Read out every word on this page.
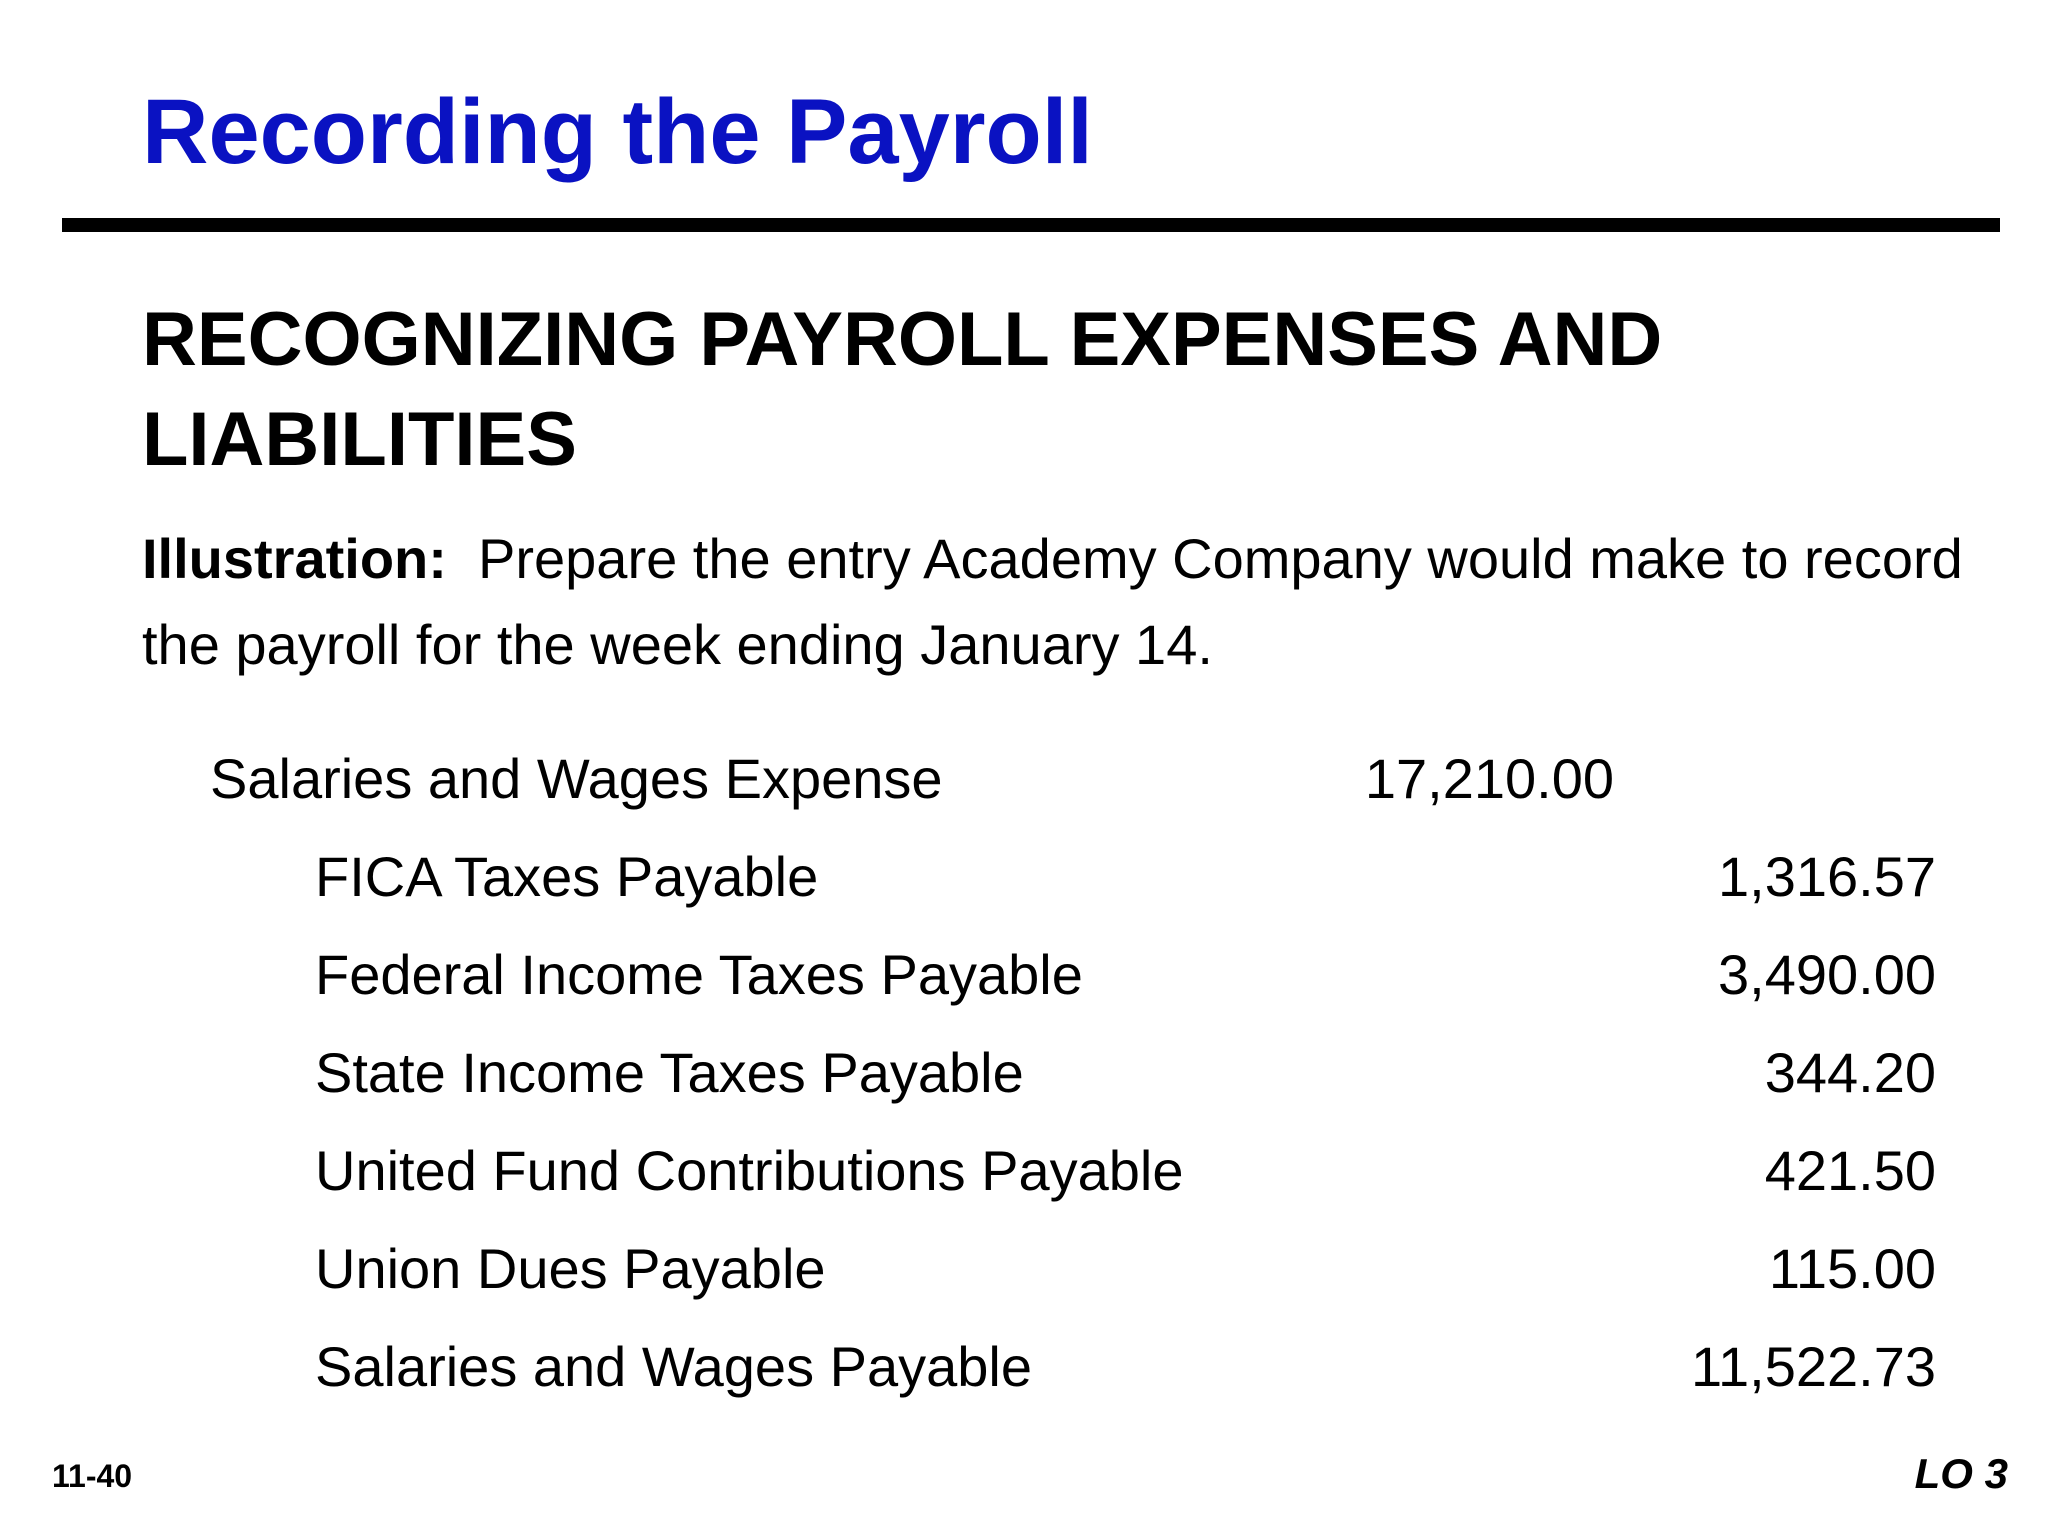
Recording the Payroll
RECOGNIZING PAYROLL EXPENSES AND LIABILITIES

Illustration: Prepare the entry Academy Company would make to record the payroll for the week ending January 14.

Salaries and Wages Expense	17,210.00
FICA Taxes Payable	1,316.57
Federal Income Taxes Payable	3,490.00
State Income Taxes Payable	344.20
United Fund Contributions Payable	421.50
Union Dues Payable	115.00
Salaries and Wages Payable	11,522.73
11-40	LO 3
